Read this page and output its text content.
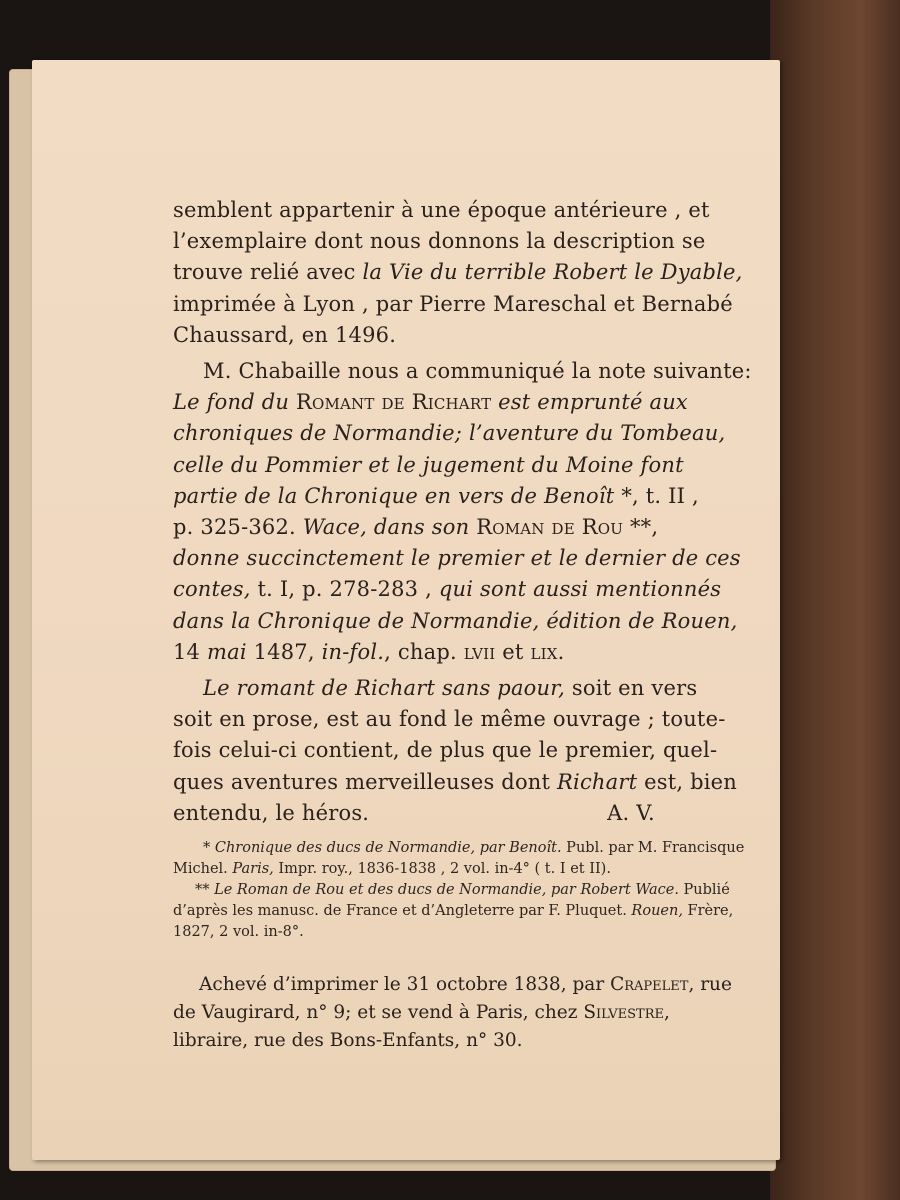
semblent appartenir à une époque antérieure , et
l’exemplaire dont nous donnons la description se
trouve relié avec la Vie du terrible Robert le Dyable,
imprimée à Lyon , par Pierre Mareschal et Bernabé
Chaussard, en 1496.
M. Chabaille nous a communiqué la note suivante:
Le fond du Romant de Richart est emprunté aux
chroniques de Normandie; l’aventure du Tombeau,
celle du Pommier et le jugement du Moine font
partie de la Chronique en vers de Benoît *, t. II ,
p. 325-362. Wace, dans son Roman de Rou **,
donne succinctement le premier et le dernier de ces
contes, t. I, p. 278-283 , qui sont aussi mentionnés
dans la Chronique de Normandie, édition de Rouen,
14 mai 1487, in-fol., chap. lvii et lix.
Le romant de Richart sans paour, soit en vers
soit en prose, est au fond le même ouvrage ; toute-
fois celui-ci contient, de plus que le premier, quel-
ques aventures merveilleuses dont Richart est, bien
entendu, le héros.	A. V.
* Chronique des ducs de Normandie, par Benoît. Publ. par M. Francisque
Michel. Paris, Impr. roy., 1836-1838 , 2 vol. in-4° ( t. I et II).
** Le Roman de Rou et des ducs de Normandie, par Robert Wace. Publié
d’après les manusc. de France et d’Angleterre par F. Pluquet. Rouen, Frère,
1827, 2 vol. in-8°.
Achevé d’imprimer le 31 octobre 1838, par Crapelet, rue
de Vaugirard, n° 9; et se vend à Paris, chez Silvestre,
libraire, rue des Bons-Enfants, n° 30.
